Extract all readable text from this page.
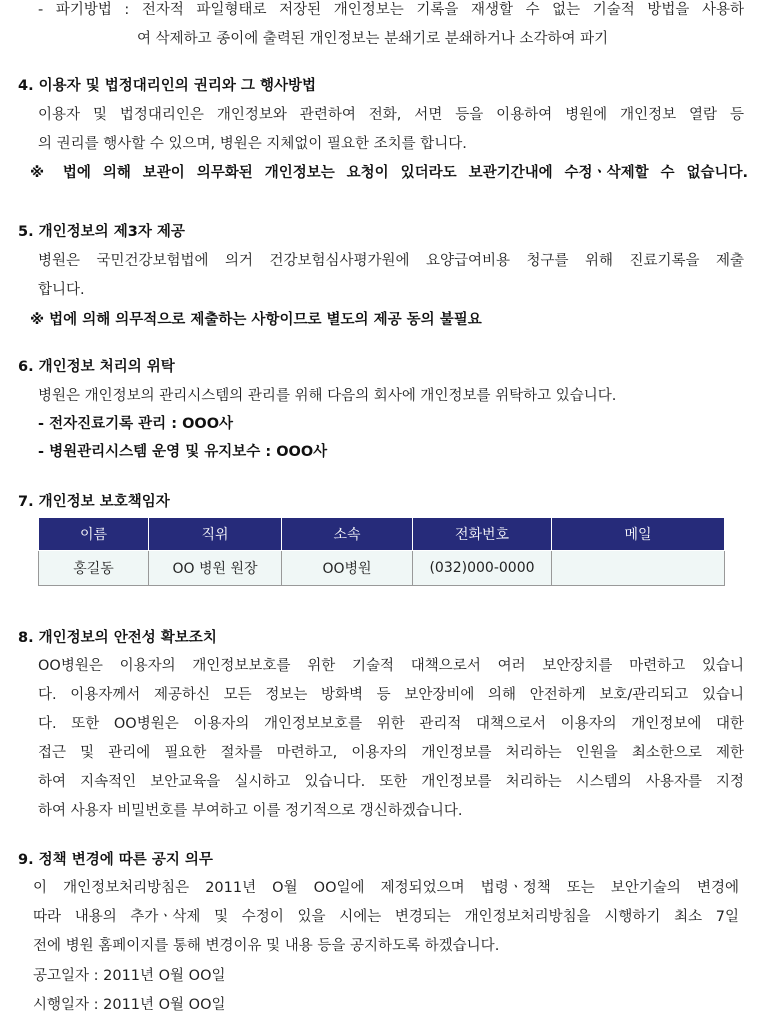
- 파기방법 : 전자적 파일형태로 저장된 개인정보는 기록을 재생할 수 없는 기술적 방법을 사용하
여 삭제하고 종이에 출력된 개인정보는 분쇄기로 분쇄하거나 소각하여 파기
4. 이용자 및 법정대리인의 권리와 그 행사방법
이용자 및 법정대리인은 개인정보와 관련하여 전화, 서면 등을 이용하여 병원에 개인정보 열람 등
의 권리를 행사할 수 있으며, 병원은 지체없이 필요한 조치를 합니다.
※ 법에 의해 보관이 의무화된 개인정보는 요청이 있더라도 보관기간내에 수정ㆍ삭제할 수 없습니다.
5. 개인정보의 제3자 제공
병원은 국민건강보험법에 의거 건강보험심사평가원에 요양급여비용 청구를 위해 진료기록을 제출
합니다.
※ 법에 의해 의무적으로 제출하는 사항이므로 별도의 제공 동의 불필요
6. 개인정보 처리의 위탁
병원은 개인정보의 관리시스템의 관리를 위해 다음의 회사에 개인정보를 위탁하고 있습니다.
- 전자진료기록 관리 : OOO사
- 병원관리시스템 운영 및 유지보수 : OOO사
7. 개인정보 보호책임자
이름	직위	소속	전화번호	메일
홍길동	OO 병원 원장	OO병원	(032)000-0000	
8. 개인정보의 안전성 확보조치
OO병원은 이용자의 개인정보보호를 위한 기술적 대책으로서 여러 보안장치를 마련하고 있습니
다. 이용자께서 제공하신 모든 정보는 방화벽 등 보안장비에 의해 안전하게 보호/관리되고 있습니
다. 또한 OO병원은 이용자의 개인정보보호를 위한 관리적 대책으로서 이용자의 개인정보에 대한
접근 및 관리에 필요한 절차를 마련하고, 이용자의 개인정보를 처리하는 인원을 최소한으로 제한
하여 지속적인 보안교육을 실시하고 있습니다. 또한 개인정보를 처리하는 시스템의 사용자를 지정
하여 사용자 비밀번호를 부여하고 이를 정기적으로 갱신하겠습니다.
9. 정책 변경에 따른 공지 의무
이 개인정보처리방침은 2011년 O월 OO일에 제정되었으며 법령ㆍ정책 또는 보안기술의 변경에
따라 내용의 추가ㆍ삭제 및 수정이 있을 시에는 변경되는 개인정보처리방침을 시행하기 최소 7일
전에 병원 홈페이지를 통해 변경이유 및 내용 등을 공지하도록 하겠습니다.
공고일자 : 2011년 O월 OO일
시행일자 : 2011년 O월 OO일
